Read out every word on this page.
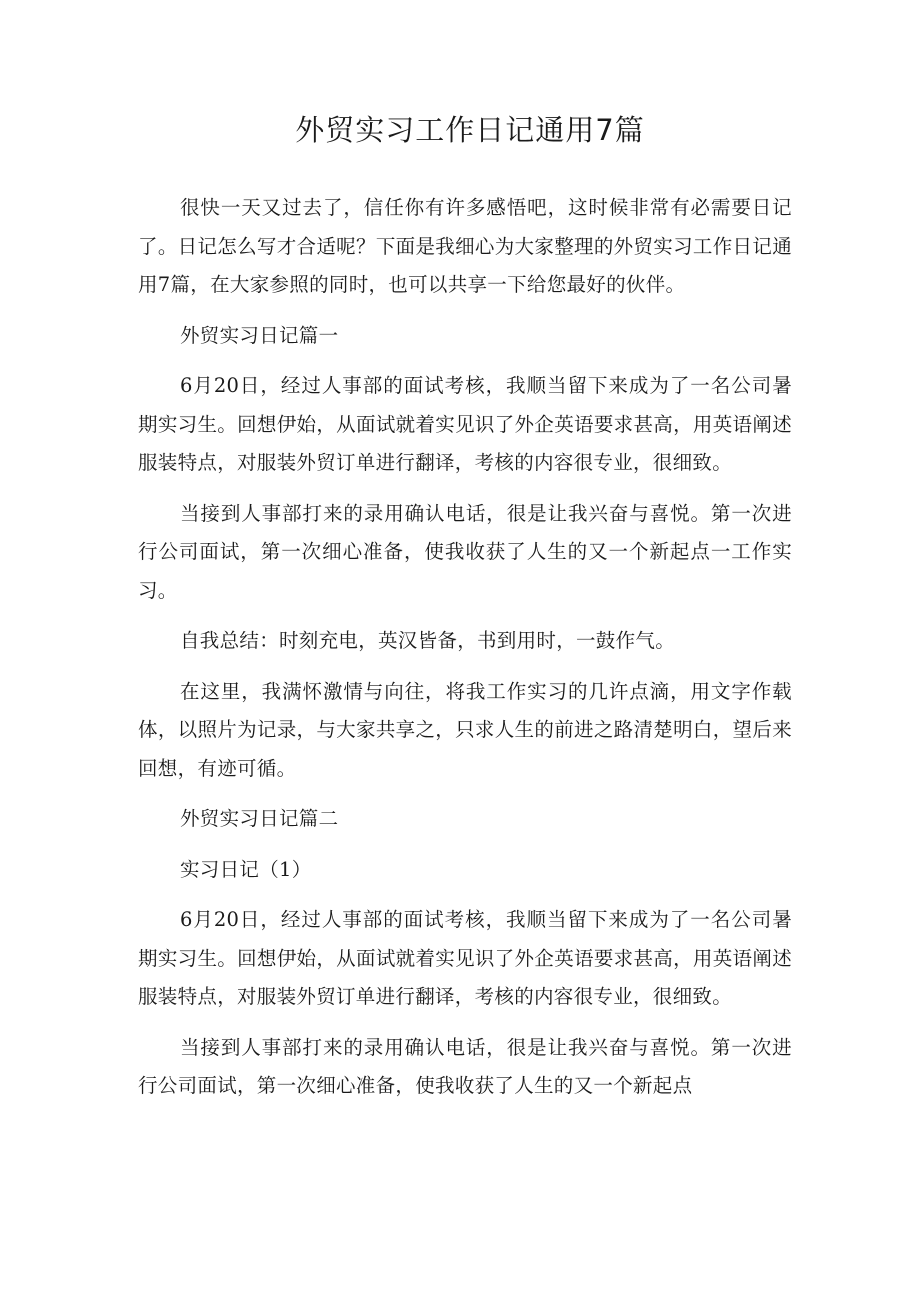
外贸实习工作日记通用7篇

很快一天又过去了，信任你有许多感悟吧，这时候非常有必需要日记了。日记怎么写才合适呢？下面是我细心为大家整理的外贸实习工作日记通用7篇，在大家参照的同时，也可以共享一下给您最好的伙伴。

外贸实习日记篇一

6月20日，经过人事部的面试考核，我顺当留下来成为了一名公司暑期实习生。回想伊始，从面试就着实见识了外企英语要求甚高，用英语阐述服装特点，对服装外贸订单进行翻译，考核的内容很专业，很细致。

当接到人事部打来的录用确认电话，很是让我兴奋与喜悦。第一次进行公司面试，第一次细心准备，使我收获了人生的又一个新起点一工作实习。

自我总结：时刻充电，英汉皆备，书到用时，一鼓作气。

在这里，我满怀激情与向往，将我工作实习的几许点滴，用文字作载体，以照片为记录，与大家共享之，只求人生的前进之路清楚明白，望后来回想，有迹可循。

外贸实习日记篇二

实习日记（1）

6月20日，经过人事部的面试考核，我顺当留下来成为了一名公司暑期实习生。回想伊始，从面试就着实见识了外企英语要求甚高，用英语阐述服装特点，对服装外贸订单进行翻译，考核的内容很专业，很细致。

当接到人事部打来的录用确认电话，很是让我兴奋与喜悦。第一次进行公司面试，第一次细心准备，使我收获了人生的又一个新起点
